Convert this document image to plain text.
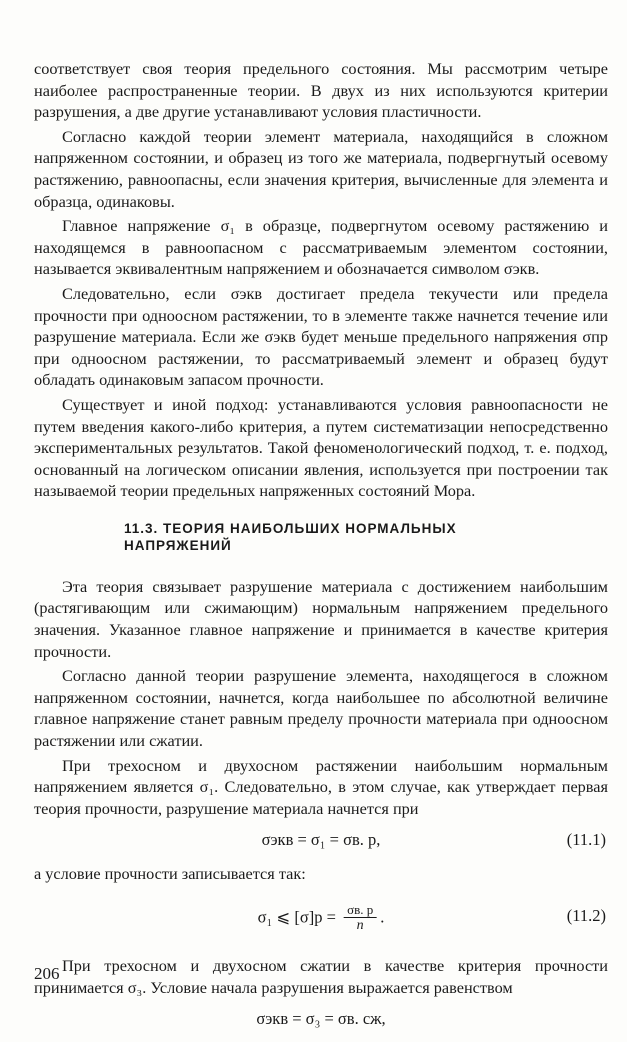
соответствует своя теория предельного состояния. Мы рассмотрим четыре наиболее распространенные теории. В двух из них используются критерии разрушения, а две другие устанавливают условия пластичности.

Согласно каждой теории элемент материала, находящийся в сложном напряженном состоянии, и образец из того же материала, подвергнутый осевому растяжению, равноопасны, если значения критерия, вычисленные для элемента и образца, одинаковы.

Главное напряжение σ₁ в образце, подвергнутом осевому растяжению и находящемся в равноопасном с рассматриваемым элементом состоянии, называется эквивалентным напряжением и обозначается символом σэкв.

Следовательно, если σэкв достигает предела текучести или предела прочности при одноосном растяжении, то в элементе также начнется течение или разрушение материала. Если же σэкв будет меньше предельного напряжения σпр при одноосном растяжении, то рассматриваемый элемент и образец будут обладать одинаковым запасом прочности.

Существует и иной подход: устанавливаются условия равноопасности не путем введения какого-либо критерия, а путем систематизации непосредственно экспериментальных результатов. Такой феноменологический подход, т. е. подход, основанный на логическом описании явления, используется при построении так называемой теории предельных напряженных состояний Мора.

11.3. ТЕОРИЯ НАИБОЛЬШИХ НОРМАЛЬНЫХ
НАПРЯЖЕНИЙ

Эта теория связывает разрушение материала с достижением наибольшим (растягивающим или сжимающим) нормальным напряжением предельного значения. Указанное главное напряжение и принимается в качестве критерия прочности.

Согласно данной теории разрушение элемента, находящегося в сложном напряженном состоянии, начнется, когда наибольшее по абсолютной величине главное напряжение станет равным пределу прочности материала при одноосном растяжении или сжатии.

При трехосном и двухосном растяжении наибольшим нормальным напряжением является σ₁. Следовательно, в этом случае, как утверждает первая теория прочности, разрушение материала начнется при

σэкв = σ₁ = σв. р,	(11.1)

а условие прочности записывается так:

σ₁ ⩽ $[\sigma]р = \frac{\sigma в. р}{n}$ .	(11.2)

При трехосном и двухосном сжатии в качестве критерия прочности принимается σ₃. Условие начала разрушения выражается равенством

σэкв = σ₃ = σв. сж,
206
